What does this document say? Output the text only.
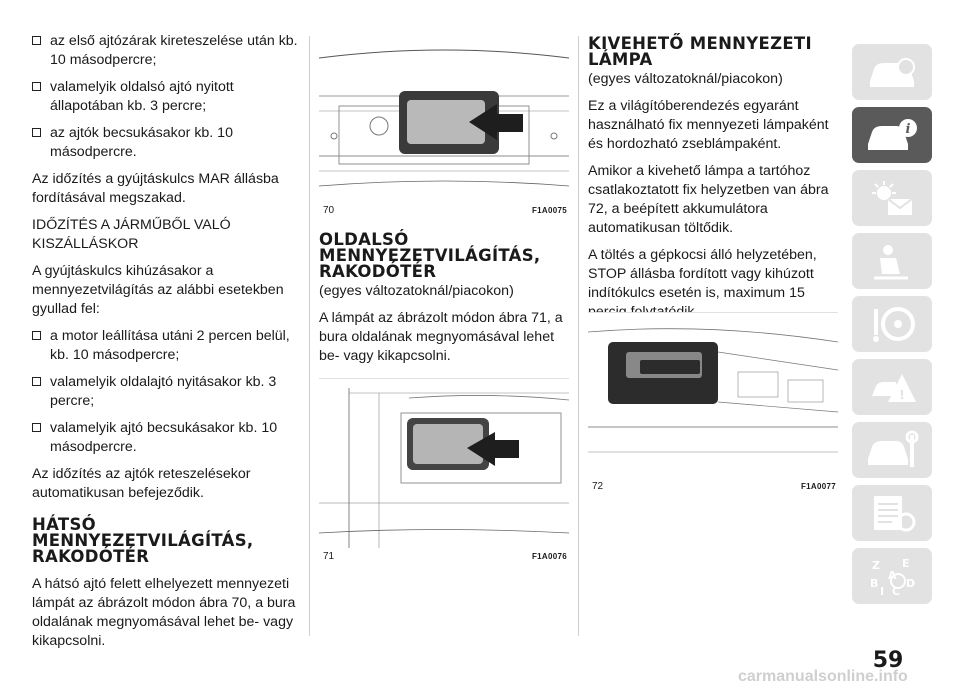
az első ajtózárak kireteszelése után kb. 10 másodpercre;
valamelyik oldalsó ajtó nyitott állapotában kb. 3 percre;
az ajtók becsukásakor kb. 10 másodpercre.

Az időzítés a gyújtáskulcs MAR állásba fordításával megszakad.

IDŐZÍTÉS A JÁRMŰBŐL VALÓ KISZÁLLÁSKOR

A gyújtáskulcs kihúzásakor a mennyezetvilágítás az alábbi esetekben gyullad fel:

a motor leállítása utáni 2 percen belül, kb. 10 másodpercre;
valamelyik oldalajtó nyitásakor kb. 3 percre;
valamelyik ajtó becsukásakor kb. 10 másodpercre.

Az időzítés az ajtók reteszelésekor automatikusan befejeződik.

HÁTSÓ MENNYEZETVILÁGÍTÁS, RAKODÓTÉR

A hátsó ajtó felett elhelyezett mennyezeti lámpát az ábrázolt módon ábra 70, a bura oldalának megnyomásával lehet be- vagy kikapcsolni.

70	F1A0075
OLDALSÓ MENNYEZETVILÁGÍTÁS, RAKODÓTÉR

(egyes változatoknál/piacokon)

A lámpát az ábrázolt módon ábra 71, a bura oldalának megnyomásával lehet be- vagy kikapcsolni.

71	F1A0076
KIVEHETŐ MENNYEZETI LÁMPA

(egyes változatoknál/piacokon)

Ez a világítóberendezés egyaránt használható fix mennyezeti lámpaként és hordozható zseblámpaként.

Amikor a kivehető lámpa a tartóhoz csatlakoztatott fix helyzetben van ábra 72, a beépített akkumulátora automatikusan töltődik.

A töltés a gépkocsi álló helyzetében, STOP állásba fordított vagy kihúzott indítókulcs esetén is, maximum 15

72	F1A0077
i
!
Z E
A
B	D
I C
59
carmanualsonline.info
